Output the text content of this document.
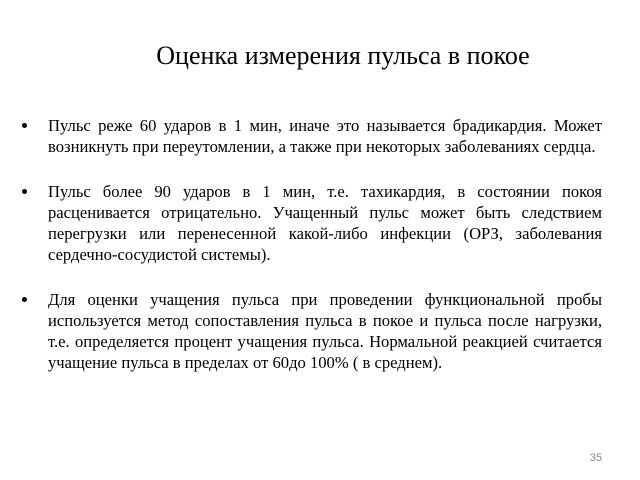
Оценка измерения пульса в покое
Пульс реже 60 ударов в 1 мин, иначе это называется брадикардия. Может возникнуть при переутомлении, а также при некоторых заболеваниях сердца.
Пульс более 90 ударов в 1 мин, т.е. тахикардия, в состоянии покоя расценивается отрицательно. Учащенный пульс может быть следствием перегрузки или перенесенной какой-либо инфекции (ОРЗ, заболевания сердечно-сосудистой системы).
Для оценки учащения пульса при проведении функциональной пробы используется метод сопоставления пульса в покое и пульса после нагрузки, т.е. определяется процент учащения пульса. Нормальной реакцией считается учащение пульса в пределах от 60до 100% ( в среднем).
35
